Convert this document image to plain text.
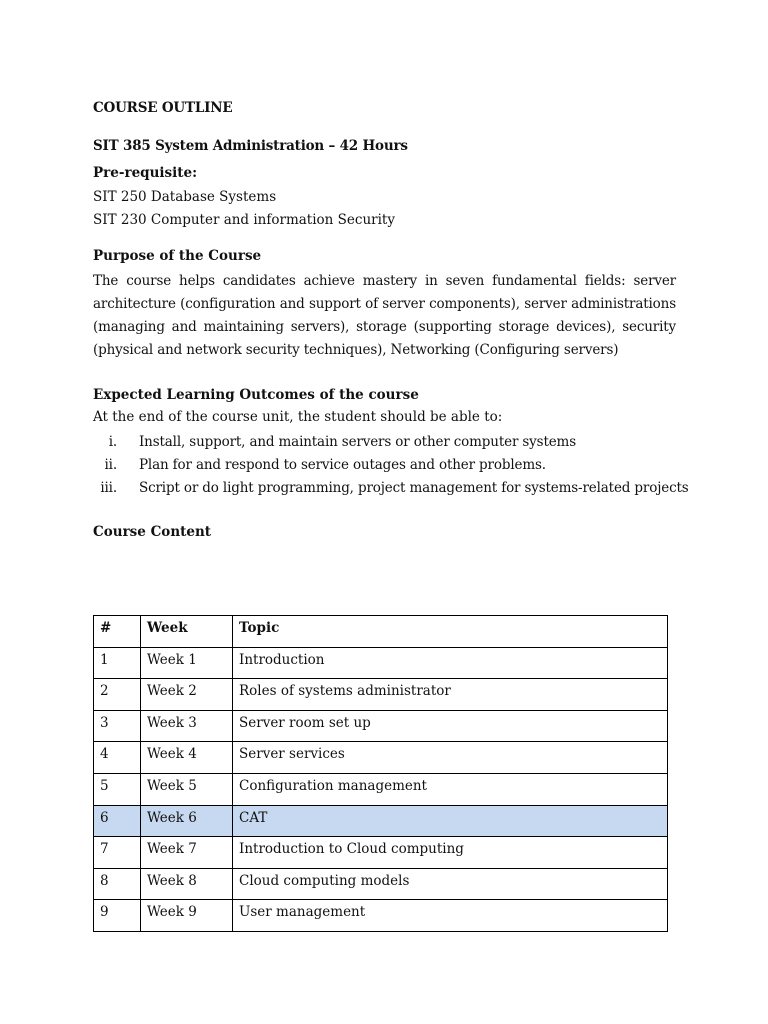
COURSE OUTLINE
SIT 385 System Administration – 42 Hours
Pre-requisite:
SIT 250 Database Systems
SIT 230 Computer and information Security
Purpose of the Course

The course helps candidates achieve mastery in seven fundamental fields: server architecture (configuration and support of server components), server administrations (managing and maintaining servers), storage (supporting storage devices), security (physical and network security techniques), Networking (Configuring servers)

Expected Learning Outcomes of the course
At the end of the course unit, the student should be able to:
i. Install, support, and maintain servers or other computer systems
ii. Plan for and respond to service outages and other problems.
iii. Script or do light programming, project management for systems-related projects
Course Content
#	Week	Topic
1	Week 1	Introduction
2	Week 2	Roles of systems administrator
3	Week 3	Server room set up
4	Week 4	Server services
5	Week 5	Configuration management
6	Week 6	CAT
7	Week 7	Introduction to Cloud computing
8	Week 8	Cloud computing models
9	Week 9	User management
